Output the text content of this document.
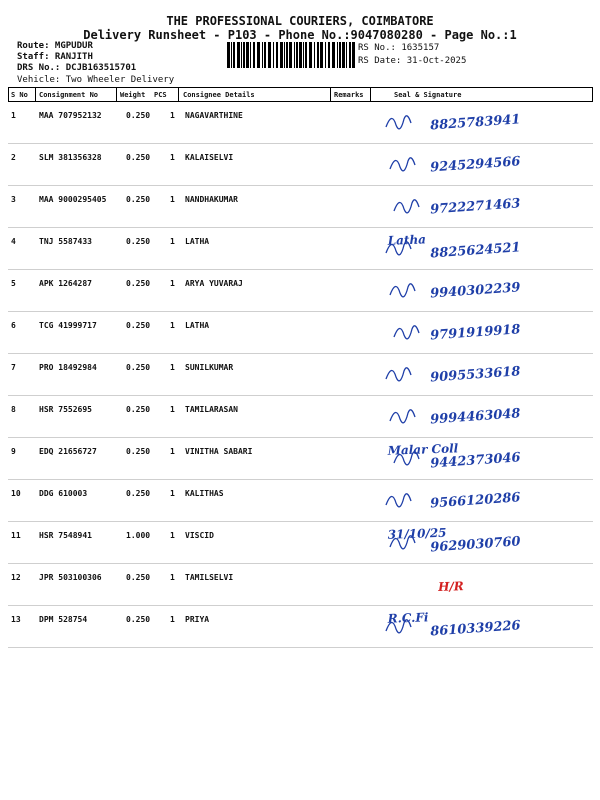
THE PROFESSIONAL COURIERS, COIMBATORE
Delivery Runsheet - P103 - Phone No.:9047080280 - Page No.:1
Route: MGPUDUR
Staff: RANJITH
DRS No.: DCJB163515701
Vehicle: Two Wheeler Delivery
RS No.: 1635157
RS Date: 31-Oct-2025
S No Consignment No	Weight PCS Consignee Details	Remarks	Seal & Signature
1	MAA 707952132	0.250 1 NAGAVARTHINE	8825783941
2	SLM 381356328	0.250 1 KALAISELVI	9245294566
3	MAA 9000295405 0.250 1 NANDHAKUMAR	9722271463
4	TNJ 5587433	0.250 1 LATHA	Latha
8825624521
5	APK 1264287	0.250 1 ARYA YUVARAJ	9940302239
6	TCG 41999717	0.250 1 LATHA	9791919918
7	PRO 18492984	0.250 1 SUNILKUMAR	9095533618
8	HSR 7552695	0.250 1 TAMILARASAN	9994463048
9	EDQ 21656727	0.250 1 VINITHA SABARI	Malar Coll
9442373046
10 DDG 610003	0.250 1 KALITHAS	9566120286
11 HSR 7548941	1.000 1 VISCID	31/10/25
9629030760
12 JPR 503100306	0.250 1 TAMILSELVI
H/R
13 DPM 528754	0.250 1 PRIYA	R.C.Fi
8610339226
